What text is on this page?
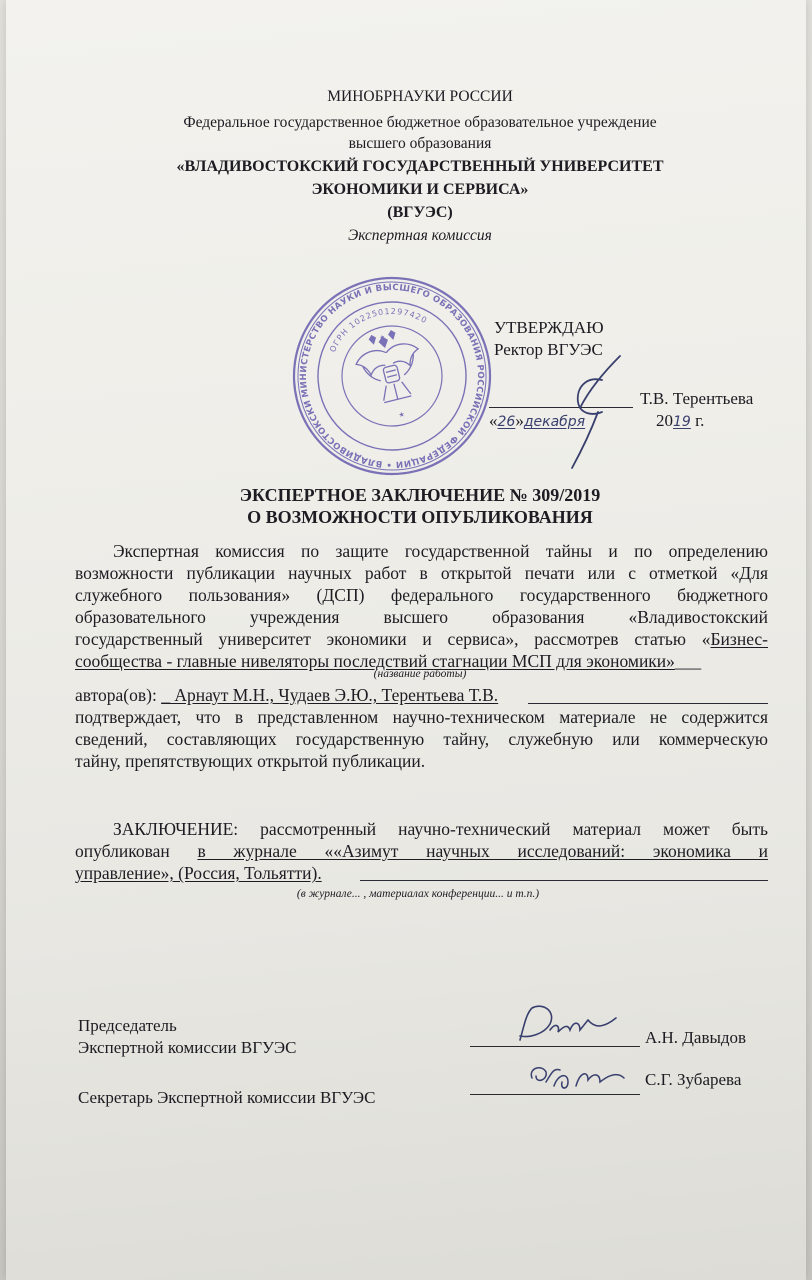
МИНОБРНАУКИ РОССИИ
Федеральное государственное бюджетное образовательное учреждение
высшего образования
«ВЛАДИВОСТОКСКИЙ ГОСУДАРСТВЕННЫЙ УНИВЕРСИТЕТ
ЭКОНОМИКИ И СЕРВИСА»
(ВГУЭС)
Экспертная комиссия
МИНИСТЕРСТВО НАУКИ И ВЫСШЕГО ОБРАЗОВАНИЯ РОССИЙСКОЙ ФЕДЕРАЦИИ • ВЛАДИВОСТОКСКИЙ
ОГРН 1022501297420
★
★
УТВЕРЖДАЮ
Ректор ВГУЭС
Т.В. Терентьева
«26»декабря	2019 г.
ЭКСПЕРТНОЕ ЗАКЛЮЧЕНИЕ № 309/2019
О ВОЗМОЖНОСТИ ОПУБЛИКОВАНИЯ
Экспертная комиссия по защите государственной тайны и по определению
возможности публикации научных работ в открытой печати или с отметкой «Для
служебного пользования» (ДСП) федерального государственного бюджетного
образовательного учреждения высшего образования «Владивостокский
государственный университет экономики и сервиса», рассмотрев статью «Бизнес-
сообщества - главные нивеляторы последствий стагнации МСП для экономики»___
(название работы)
автора(ов): _ Арнаут М.Н., Чудаев Э.Ю., Терентьева Т.В.
подтверждает, что в представленном научно-техническом материале не содержится
сведений, составляющих государственную тайну, служебную или коммерческую
тайну, препятствующих открытой публикации.
ЗАКЛЮЧЕНИЕ: рассмотренный научно-технический материал может быть
опубликован в журнале ««Азимут научных исследований: экономика и
управление», (Россия, Тольятти).
(в журнале... , материалах конференции... и т.п.)
Председатель
Экспертной комиссии ВГУЭС
А.Н. Давыдов
Секретарь Экспертной комиссии ВГУЭС
С.Г. Зубарева
